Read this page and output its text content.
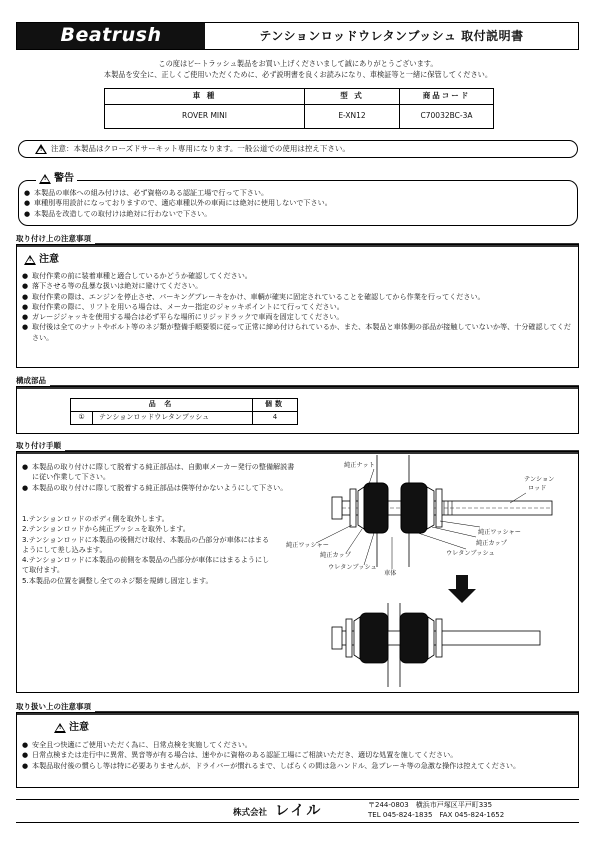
Beatrush	テンションロッドウレタンブッシュ 取付説明書
この度はビートラッシュ製品をお買い上げくださいまして誠にありがとうございます。
本製品を安全に、正しくご使用いただくために、必ず説明書を良くお読みになり、車検証等と一緒に保管してください。
車 種	型 式	商品コード
ROVER MINI	E-XN12	C70032BC-3A
! 注意 ：本製品はクローズドサーキット専用になります。一般公道での使用は控え下さい。
! 警告
● 本製品の車体への組み付けは、必ず資格のある認証工場で行って下さい。
● 車種別専用設計になっておりますので、適応車種以外の車両には絶対に使用しないで下さい。
● 本製品を改造しての取付けは絶対に行わないで下さい。
取り付け上の注意事項
! 注意
● 取付作業の前に装着車種と適合しているかどうか確認してください。
● 落下させる等の乱暴な扱いは絶対に避けてください。
● 取付作業の際は、エンジンを停止させ、パーキングブレーキをかけ、車輌が確実に固定されていることを確認してから作業を行ってください。
● 取付作業の際に、リフトを用いる場合は、メーカー指定のジャッキポイントにて行ってください。
● ガレージジャッキを使用する場合は必ず平らな場所にリジッドラックで車両を固定してください。
● 取付後は全てのナットやボルト等のネジ類が整備手順要領に従って正常に締め付けられているか、また、本製品と車体側の部品が接触していないか等、十分確認してください。
構成部品
品 名		個数
①	テンションロッドウレタンブッシュ	4
取り付け手順
● 本製品の取り付けに際して脱着する純正部品は、自動車メーカー発行の整備解説書に従い作業して下さい。
● 本製品の取り付けに際して脱着する純正部品は僕等付かないようにして下さい。
1.テンションロッドのボディ側を取外します。
2.テンションロッドから純正ブッシュを取外します。
3.テンションロッドに本製品の後側だけ取付、本製品の凸部分が車体にはまるようにして差し込みます。
4.テンションロッドに本製品の前側を本製品の凸部分が車体にはまるようにして取付ます。
5.本製品の位置を調整し全てのネジ類を規締し固定します。
純正ナット
テンション
ロッド
純正ワッシャー
純正カップ
ウレタンブッシュ
純正ワッシャー
純正カップ
ウレタンブッシュ
車体
取り扱い上の注意事項
! 注意
● 安全且つ快適にご使用いただく為に、日常点検を実施してください。
● 日常点検または走行中に異常、異音等が有る場合は、速やかに資格のある認証工場にご相談いただき、適切な処置を施してください。
● 本製品取付後の慣らし等は特に必要ありませんが、ドライバーが慣れるまで、しばらくの間は急ハンドル、急ブレーキ等の急激な操作は控えてください。
株式会社 レイル	〒244-0803　横浜市戸塚区平戸町335
TEL 045-824-1835　FAX 045-824-1652
